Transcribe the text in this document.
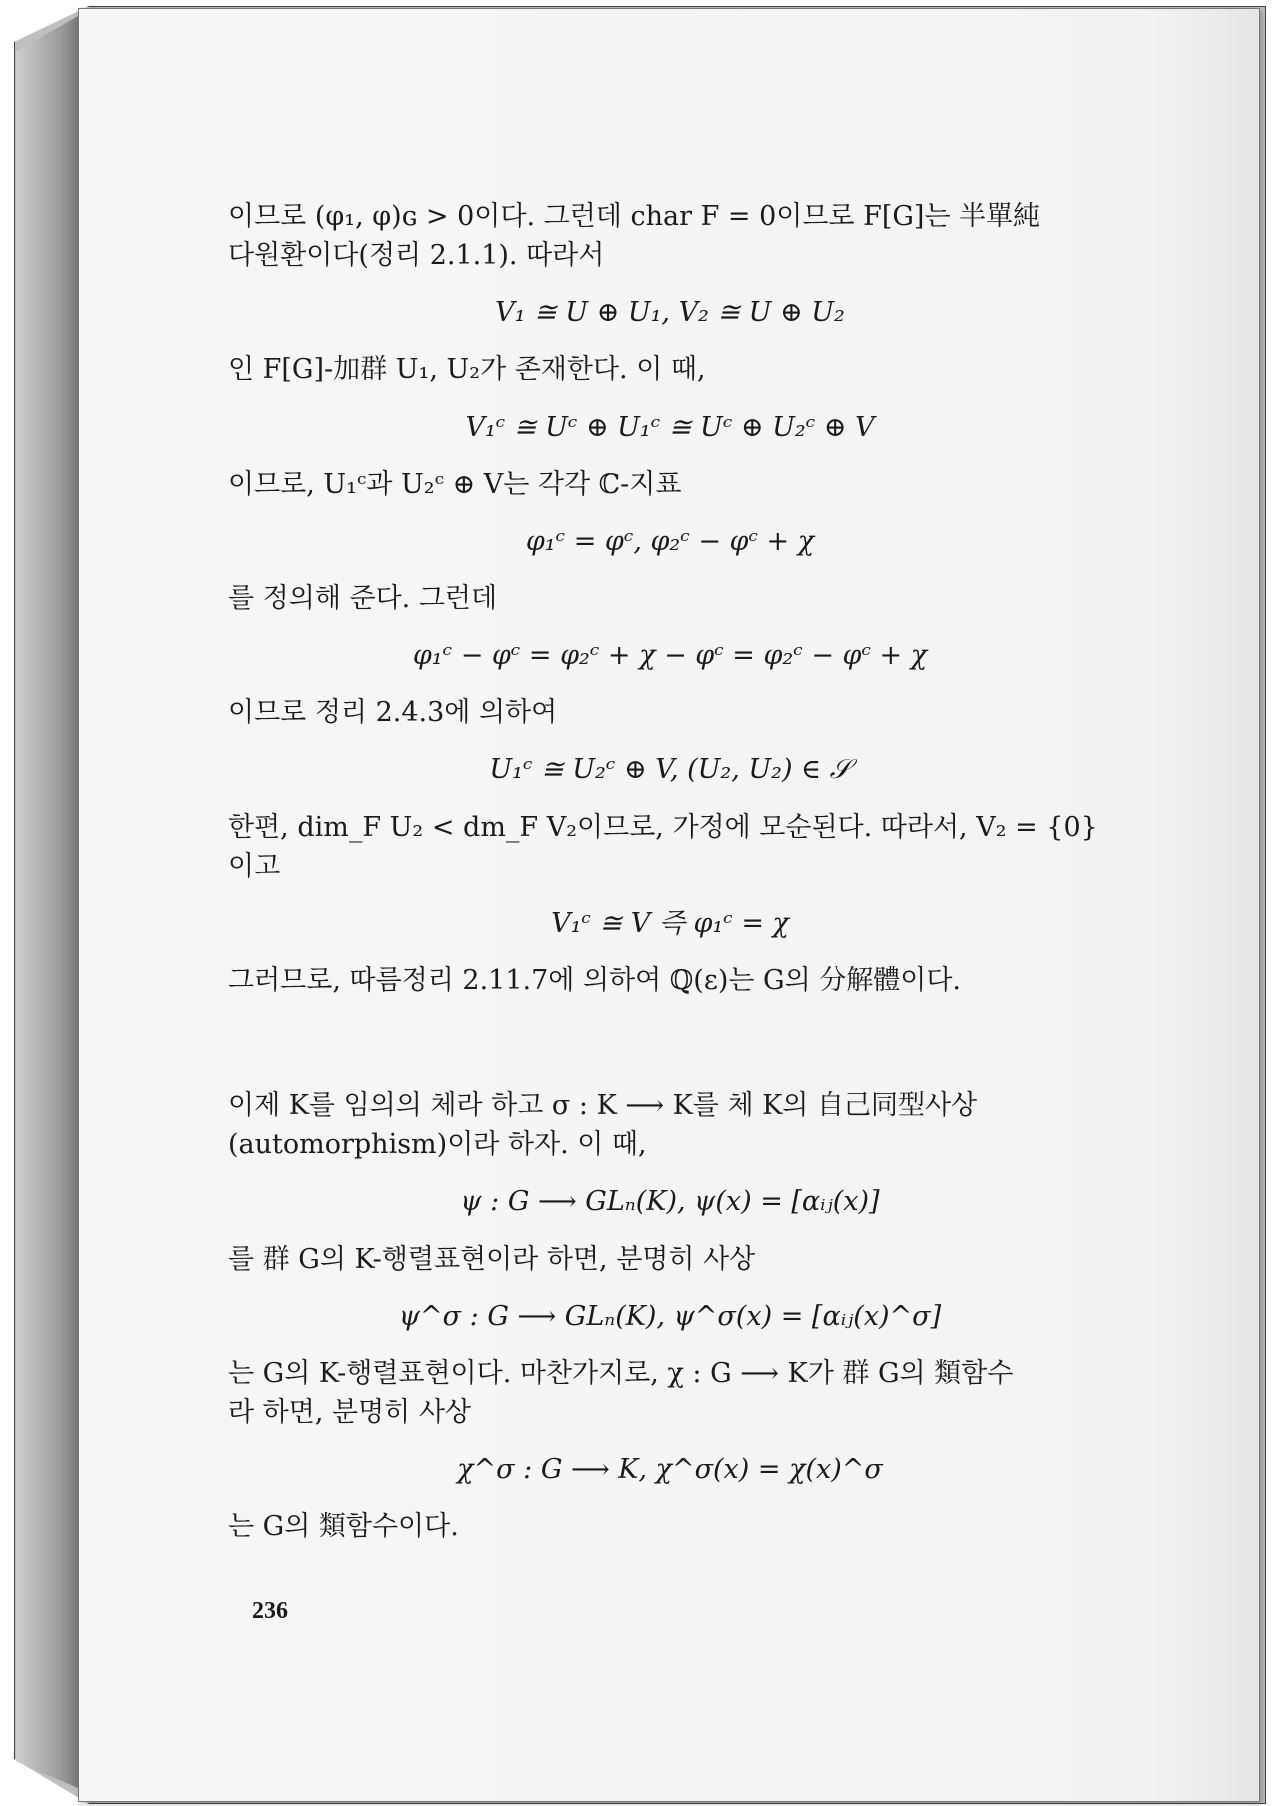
이므로 (φ₁, φ)ɢ > 0이다. 그런데 char F = 0이므로 F[G]는 半單純

다원환이다(정리 2.1.1). 따라서

V₁ ≅ U ⊕ U₁, V₂ ≅ U ⊕ U₂

인 F[G]-加群 U₁, U₂가 존재한다. 이 때,

V₁ᶜ ≅ Uᶜ ⊕ U₁ᶜ ≅ Uᶜ ⊕ U₂ᶜ ⊕ V

이므로, U₁ᶜ과 U₂ᶜ ⊕ V는 각각 ℂ-지표

φ₁ᶜ = φᶜ, φ₂ᶜ − φᶜ + χ

를 정의해 준다. 그런데

φ₁ᶜ − φᶜ = φ₂ᶜ + χ − φᶜ = φ₂ᶜ − φᶜ + χ

이므로 정리 2.4.3에 의하여

U₁ᶜ ≅ U₂ᶜ ⊕ V, (U₂, U₂) ∈ 𝒮

한편, dim_F U₂ < dm_F V₂이므로, 가정에 모순된다. 따라서, V₂ = {0}

이고

V₁ᶜ ≅ V 즉 φ₁ᶜ = χ

그러므로, 따름정리 2.11.7에 의하여 ℚ(ε)는 G의 分解體이다.

이제 K를 임의의 체라 하고 σ : K ⟶ K를 체 K의 自己同型사상

(automorphism)이라 하자. 이 때,

ψ : G ⟶ GLₙ(K), ψ(x) = [αᵢⱼ(x)]

를 群 G의 K-행렬표현이라 하면, 분명히 사상

ψ^σ : G ⟶ GLₙ(K), ψ^σ(x) = [αᵢⱼ(x)^σ]

는 G의 K-행렬표현이다. 마찬가지로, χ : G ⟶ K가 群 G의 類함수

라 하면, 분명히 사상

χ^σ : G ⟶ K, χ^σ(x) = χ(x)^σ

는 G의 類함수이다.

236
